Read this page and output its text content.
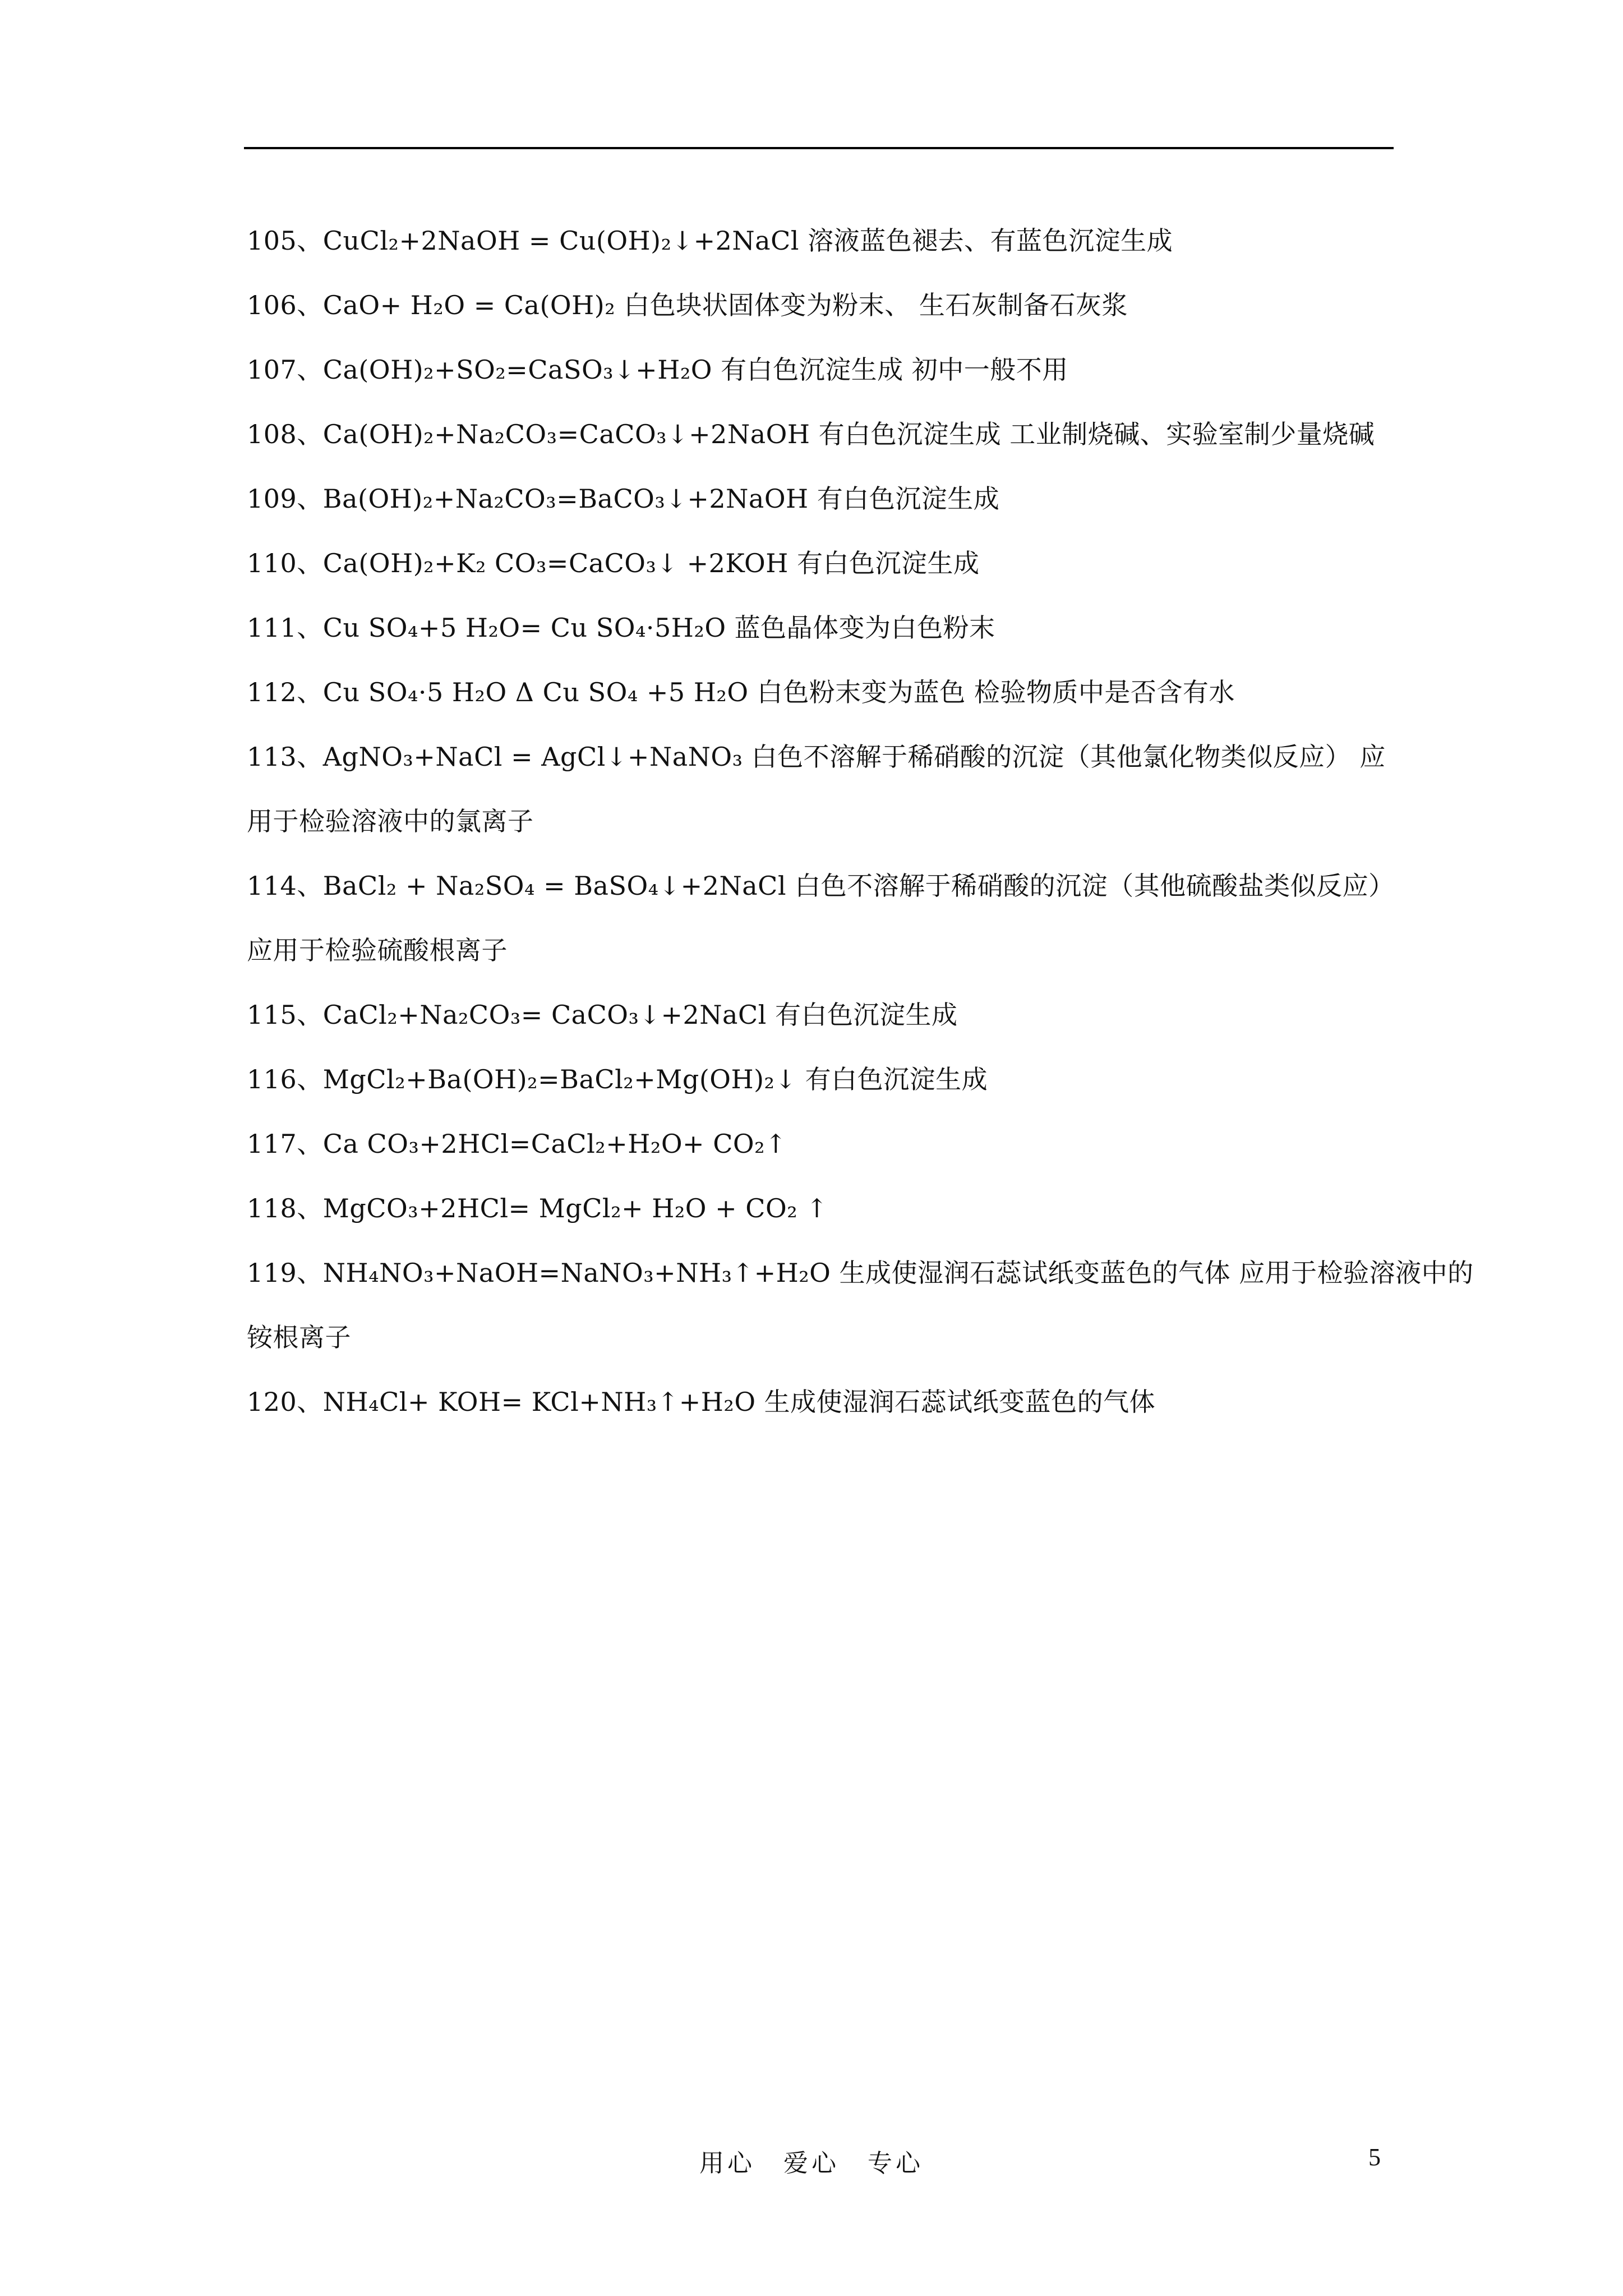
105、CuCl₂+2NaOH = Cu(OH)₂↓+2NaCl 溶液蓝色褪去、有蓝色沉淀生成
106、CaO+ H₂O = Ca(OH)₂ 白色块状固体变为粉末、 生石灰制备石灰浆
107、Ca(OH)₂+SO₂=CaSO₃↓+H₂O 有白色沉淀生成 初中一般不用
108、Ca(OH)₂+Na₂CO₃=CaCO₃↓+2NaOH 有白色沉淀生成 工业制烧碱、实验室制少量烧碱
109、Ba(OH)₂+Na₂CO₃=BaCO₃↓+2NaOH 有白色沉淀生成
110、Ca(OH)₂+K₂ CO₃=CaCO₃↓ +2KOH 有白色沉淀生成
111、Cu SO₄+5 H₂O= Cu SO₄·5H₂O 蓝色晶体变为白色粉末
112、Cu SO₄·5 H₂O Δ Cu SO₄ +5 H₂O 白色粉末变为蓝色 检验物质中是否含有水
113、AgNO₃+NaCl = AgCl↓+NaNO₃ 白色不溶解于稀硝酸的沉淀（其他氯化物类似反应） 应
用于检验溶液中的氯离子
114、BaCl₂ + Na₂SO₄ = BaSO₄↓+2NaCl 白色不溶解于稀硝酸的沉淀（其他硫酸盐类似反应）
应用于检验硫酸根离子
115、CaCl₂+Na₂CO₃= CaCO₃↓+2NaCl 有白色沉淀生成
116、MgCl₂+Ba(OH)₂=BaCl₂+Mg(OH)₂↓ 有白色沉淀生成
117、Ca CO₃+2HCl=CaCl₂+H₂O+ CO₂↑
118、MgCO₃+2HCl= MgCl₂+ H₂O + CO₂ ↑
119、NH₄NO₃+NaOH=NaNO₃+NH₃↑+H₂O 生成使湿润石蕊试纸变蓝色的气体 应用于检验溶液中的
铵根离子
120、NH₄Cl+ KOH= KCl+NH₃↑+H₂O 生成使湿润石蕊试纸变蓝色的气体
用心　爱心　专心	5
